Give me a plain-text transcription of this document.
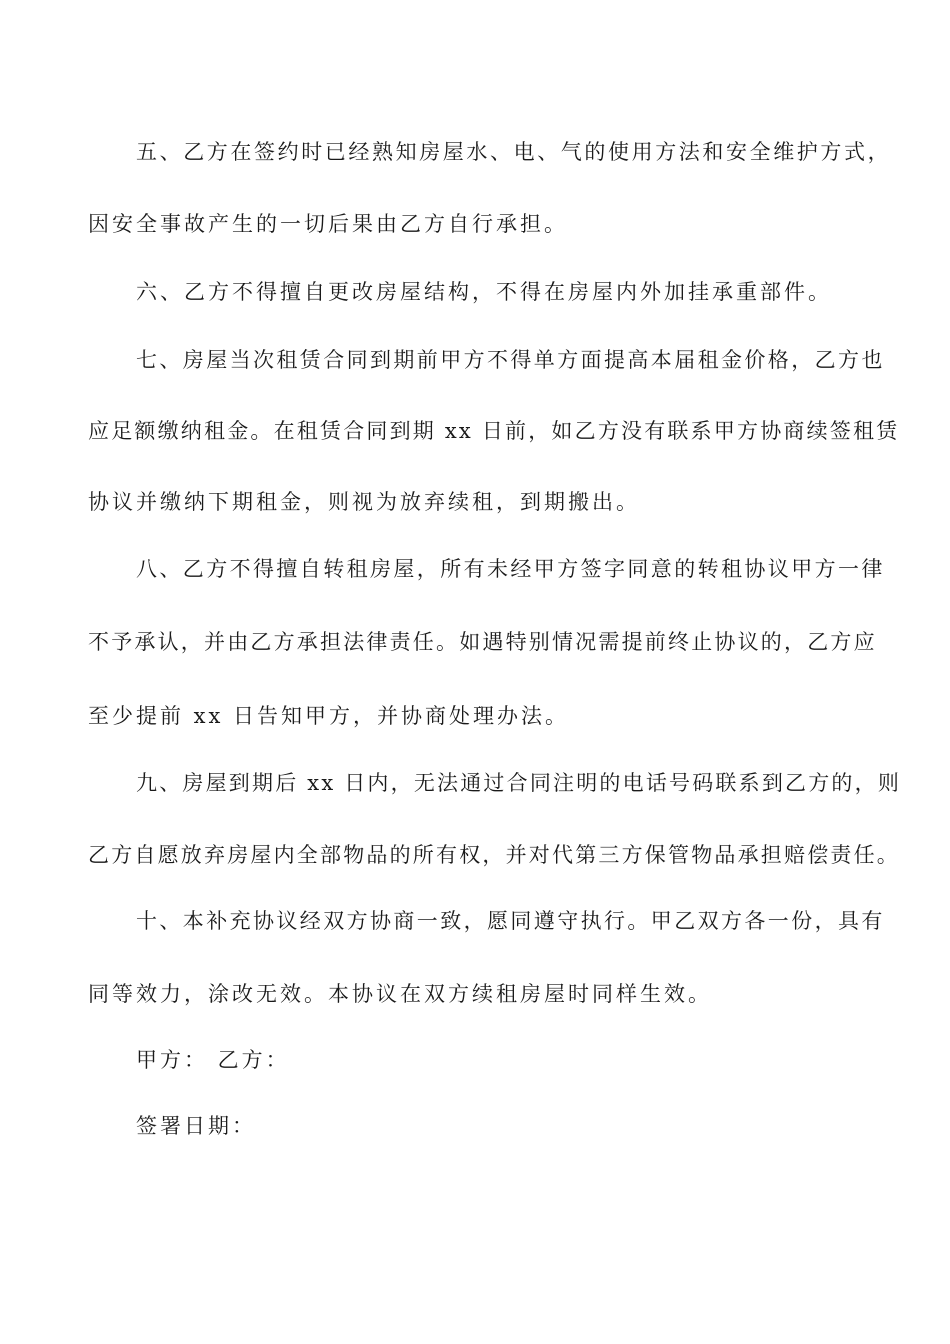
五、乙方在签约时已经熟知房屋水、电、气的使用方法和安全维护方式，
因安全事故产生的一切后果由乙方自行承担。
六、乙方不得擅自更改房屋结构，不得在房屋内外加挂承重部件。
七、房屋当次租赁合同到期前甲方不得单方面提高本届租金价格，乙方也
应足额缴纳租金。在租赁合同到期 xx 日前，如乙方没有联系甲方协商续签租赁
协议并缴纳下期租金，则视为放弃续租，到期搬出。
八、乙方不得擅自转租房屋，所有未经甲方签字同意的转租协议甲方一律
不予承认，并由乙方承担法律责任。如遇特别情况需提前终止协议的，乙方应
至少提前 xx 日告知甲方，并协商处理办法。
九、房屋到期后 xx 日内，无法通过合同注明的电话号码联系到乙方的，则
乙方自愿放弃房屋内全部物品的所有权，并对代第三方保管物品承担赔偿责任。
十、本补充协议经双方协商一致，愿同遵守执行。甲乙双方各一份，具有
同等效力，涂改无效。本协议在双方续租房屋时同样生效。
甲方： 乙方：
签署日期：
